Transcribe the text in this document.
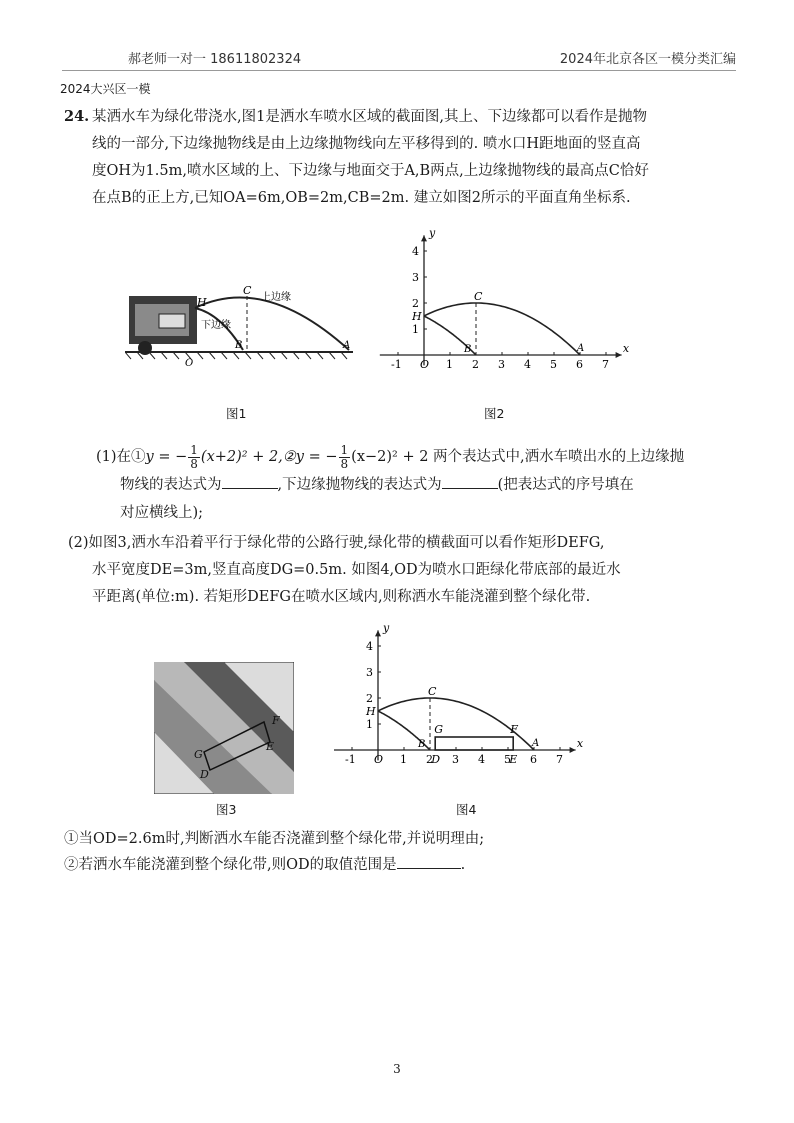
郝老师一对一 18611802324	2024年北京各区一模分类汇编
2024大兴区一模
24. 某洒水车为绿化带浇水,图1是洒水车喷水区域的截面图,其上、下边缘都可以看作是抛物
线的一部分,下边缘抛物线是由上边缘抛物线向左平移得到的. 喷水口H距地面的竖直高
度OH为1.5m,喷水区域的上、下边缘与地面交于A,B两点,上边缘抛物线的最高点C恰好
在点B的正上方,已知OA=6m,OB=2m,CB=2m. 建立如图2所示的平面直角坐标系.
H
C
B	A
O
上边缘
下边缘
图1
x
y
-1 O 1 2 3 4 5 6 7
1
2
3
4
H
C
B	A
图2
(1)在①y = − $\frac{1}{8} (x+2)^2$ + 2,②y = − $\frac{1}{8} (x-2)^2 + 2$ 两个表达式中,洒水车喷出水的上边缘抛
物线的表达式为	,下边缘抛物线的表达式为	(把表达式的序号填在
对应横线上);
(2)如图3,洒水车沿着平行于绿化带的公路行驶,绿化带的横截面可以看作矩形DEFG,
水平宽度DE=3m,竖直高度DG=0.5m. 如图4,OD为喷水口距绿化带底部的最近水
平距离(单位:m). 若矩形DEFG在喷水区域内,则称洒水车能浇灌到整个绿化带.
F
G
E
D
图3
x
y
-1 O 1 2
D 3 4 5
E 6 7
1
2
3
4
H
C
G	F
B	A
图4
①当OD=2.6m时,判断洒水车能否浇灌到整个绿化带,并说明理由;
②若洒水车能浇灌到整个绿化带,则OD的取值范围是	.
3
